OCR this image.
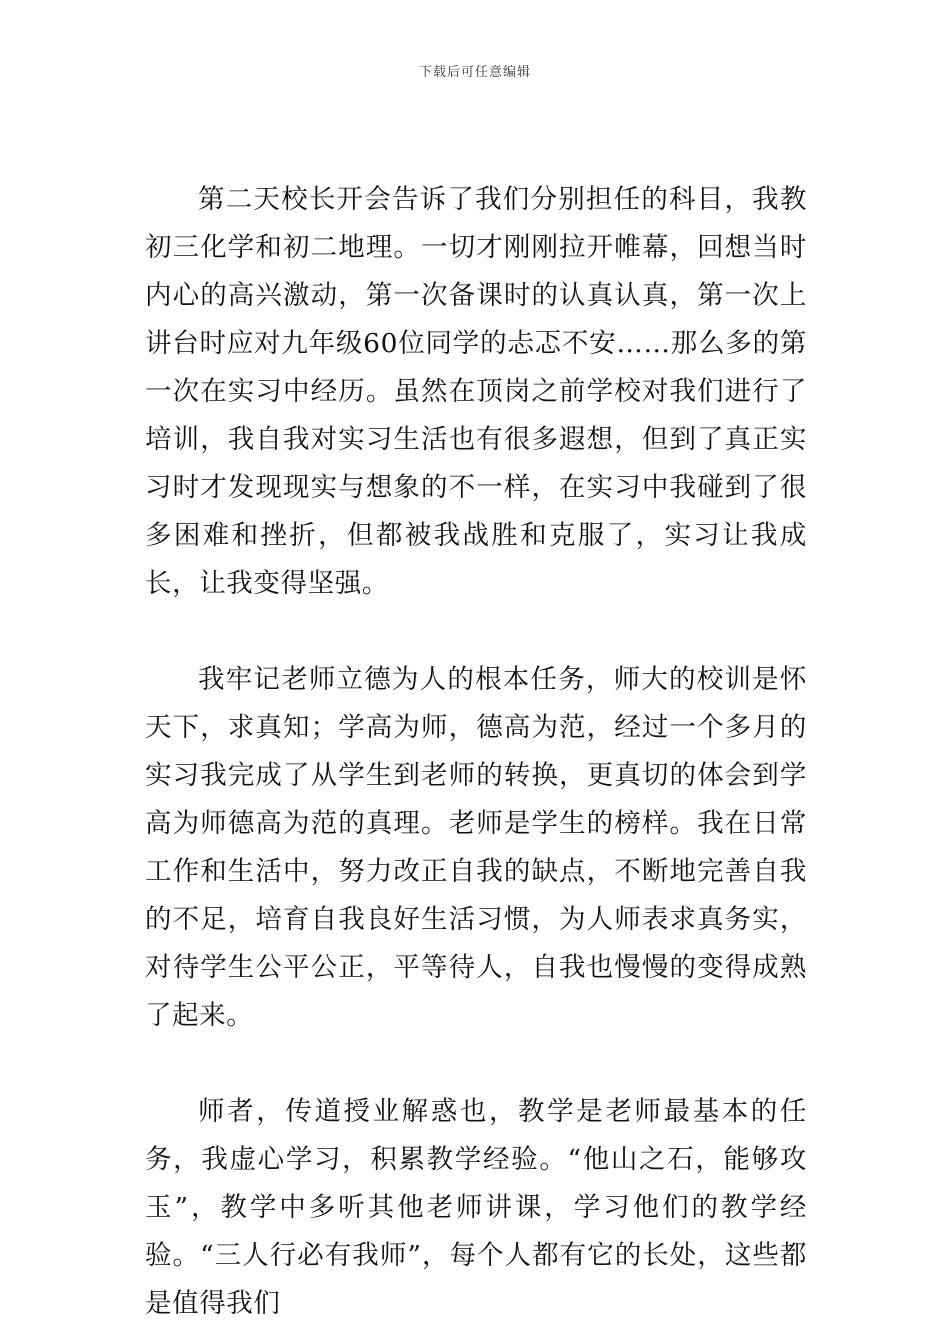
下载后可任意编辑

第二天校长开会告诉了我们分别担任的科目，我教初三化学和初二地理。一切才刚刚拉开帷幕，回想当时内心的高兴激动，第一次备课时的认真认真，第一次上讲台时应对九年级60位同学的忐忑不安……那么多的第一次在实习中经历。虽然在顶岗之前学校对我们进行了培训，我自我对实习生活也有很多遐想，但到了真正实习时才发现现实与想象的不一样，在实习中我碰到了很多困难和挫折，但都被我战胜和克服了，实习让我成长，让我变得坚强。

我牢记老师立德为人的根本任务，师大的校训是怀天下，求真知；学高为师，德高为范，经过一个多月的实习我完成了从学生到老师的转换，更真切的体会到学高为师德高为范的真理。老师是学生的榜样。我在日常工作和生活中，努力改正自我的缺点，不断地完善自我的不足，培育自我良好生活习惯，为人师表求真务实，对待学生公平公正，平等待人，自我也慢慢的变得成熟了起来。

师者，传道授业解惑也，教学是老师最基本的任务，我虚心学习，积累教学经验。“他山之石，能够攻玉”，教学中多听其他老师讲课，学习他们的教学经验。“三人行必有我师”，每个人都有它的长处，这些都是值得我们
